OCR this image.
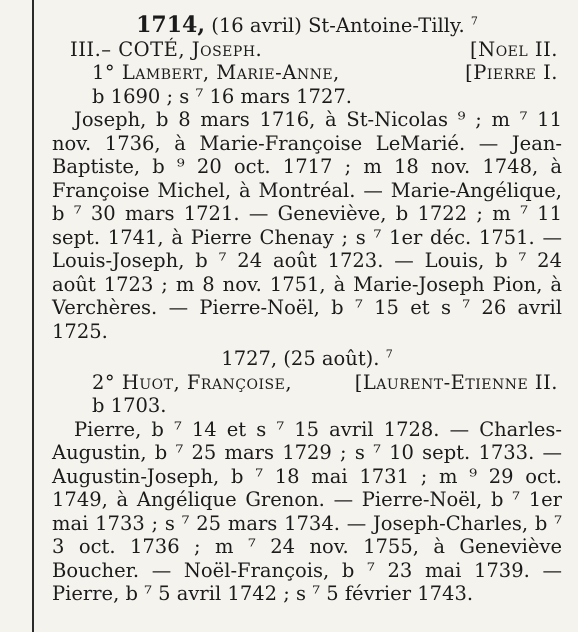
1714, (16 avril) St-Antoine-Tilly. $^7$
III.– COTÉ, Joseph.	[Noel II.
1° Lambert, Marie-Anne,	[Pierre I.
b 1690 ; s ⁷ 16 mars 1727.

Joseph, b 8 mars 1716, à St-Nicolas ⁹ ; m ⁷ 11 nov. 1736, à Marie-Françoise LeMarié. — Jean-Baptiste, b ⁹ 20 oct. 1717 ; m 18 nov. 1748, à Françoise Michel, à Montréal. — Marie-Angélique, b ⁷ 30 mars 1721. — Geneviève, b 1722 ; m ⁷ 11 sept. 1741, à Pierre Chenay ; s ⁷ 1er déc. 1751. — Louis-Joseph, b ⁷ 24 août 1723. — Louis, b ⁷ 24 août 1723 ; m 8 nov. 1751, à Marie-Joseph Pion, à Verchères. — Pierre-Noël, b ⁷ 15 et s ⁷ 26 avril 1725.

1727, (25 août). $^7$
2° Huot, Françoise,	[Laurent-Etienne II.
b 1703.

Pierre, b ⁷ 14 et s ⁷ 15 avril 1728. — Charles-Augustin, b ⁷ 25 mars 1729 ; s ⁷ 10 sept. 1733. — Augustin-Joseph, b ⁷ 18 mai 1731 ; m ⁹ 29 oct. 1749, à Angélique Grenon. — Pierre-Noël, b ⁷ 1er mai 1733 ; s ⁷ 25 mars 1734. — Joseph-Charles, b ⁷ 3 oct. 1736 ; m ⁷ 24 nov. 1755, à Geneviève Boucher. — Noël-François, b ⁷ 23 mai 1739. — Pierre, b ⁷ 5 avril 1742 ; s ⁷ 5 février 1743.
